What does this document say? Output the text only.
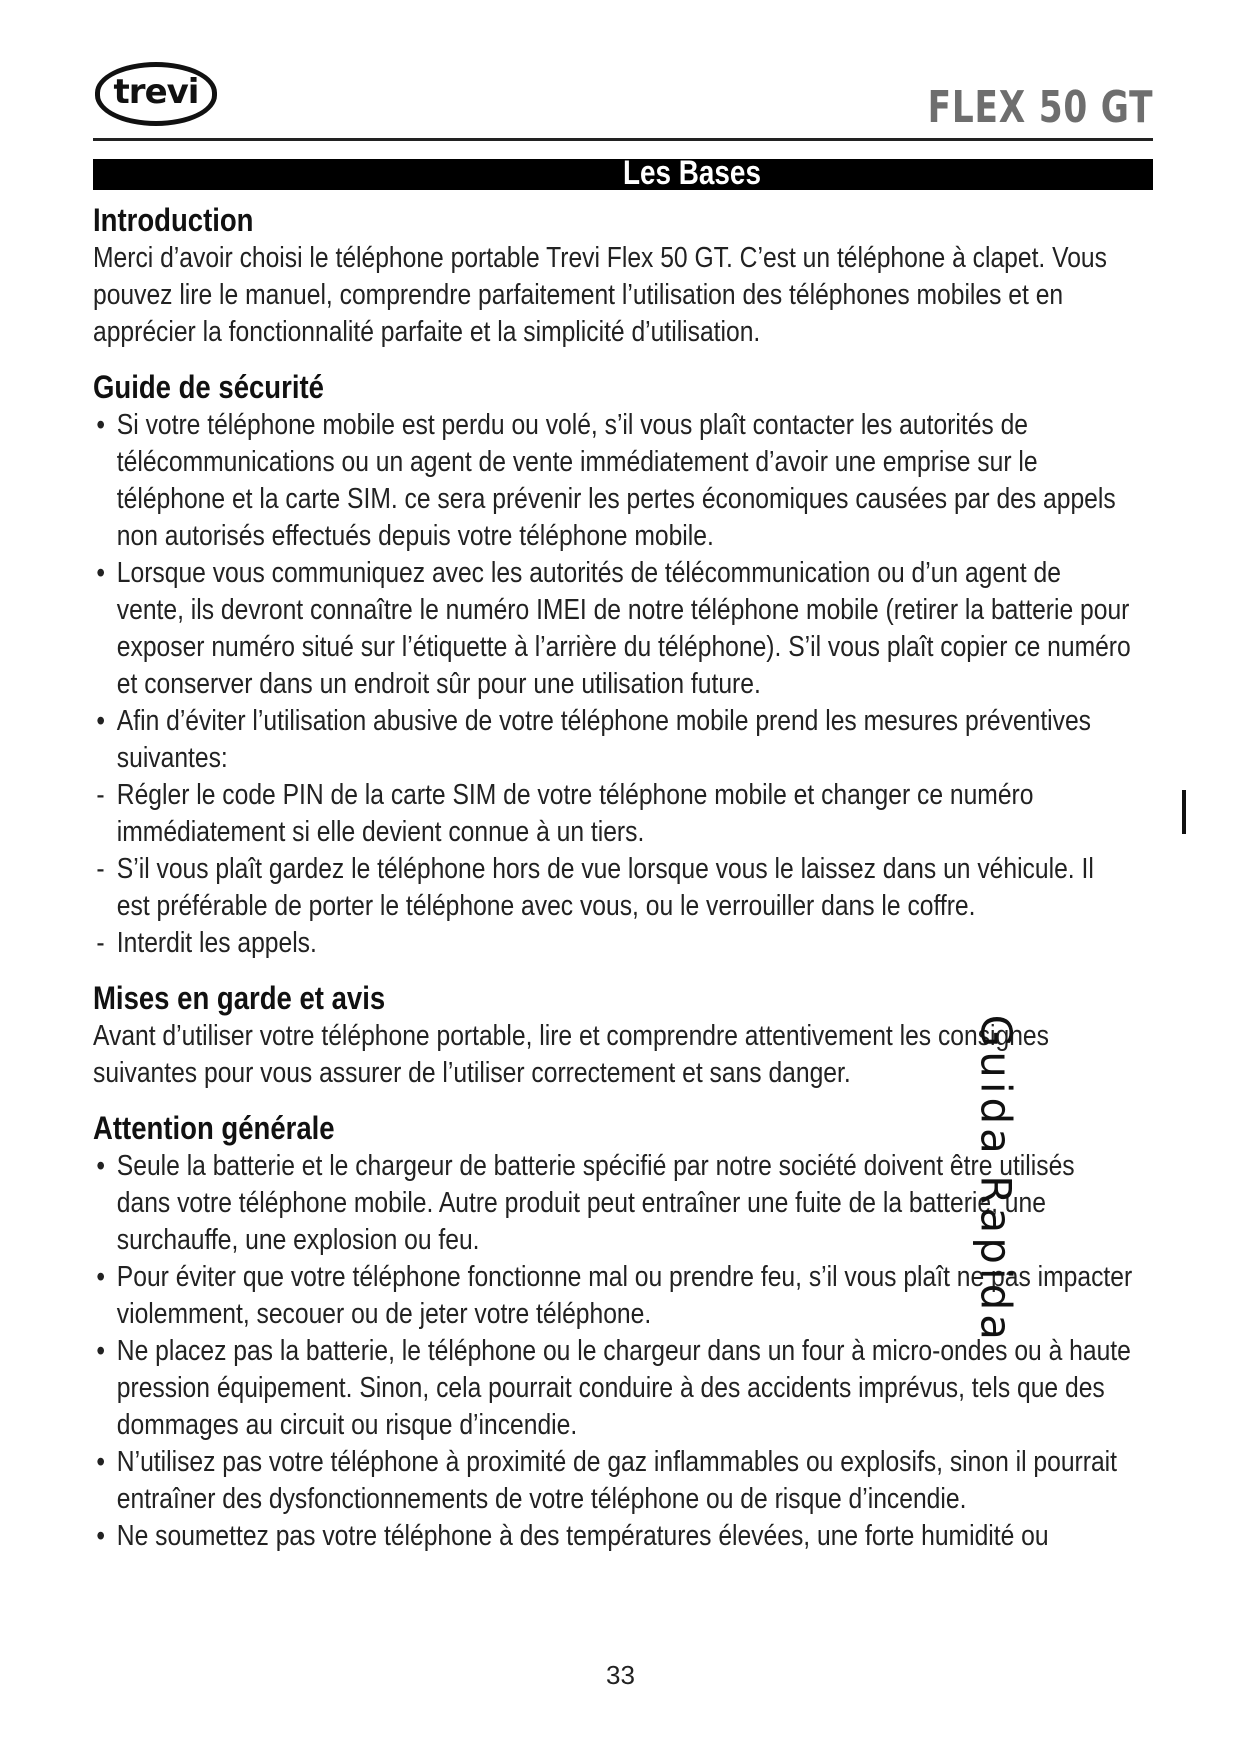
trevi	FLEX 50 GT
Les Bases
Introduction

Merci d’avoir choisi le téléphone portable Trevi Flex 50 GT. C’est un téléphone à clapet. Vous pouvez lire le manuel, comprendre parfaitement l’utilisation des téléphones mobiles et en apprécier la fonctionnalité parfaite et la simplicité d’utilisation.

Guide de sécurité
• Si votre téléphone mobile est perdu ou volé, s’il vous plaît contacter les autorités de télécommunications ou un agent de vente immédiatement d’avoir une emprise sur le téléphone et la carte SIM. ce sera prévenir les pertes économiques causées par des appels non autorisés effectués depuis votre téléphone mobile.
• Lorsque vous communiquez avec les autorités de télécommunication ou d’un agent de vente, ils devront connaître le numéro IMEI de notre téléphone mobile (retirer la batterie pour exposer numéro situé sur l’étiquette à l’arrière du téléphone). S’il vous plaît copier ce numéro et conserver dans un endroit sûr pour une utilisation future.
• Afin d’éviter l’utilisation abusive de votre téléphone mobile prend les mesures préventives suivantes:
- Régler le code PIN de la carte SIM de votre téléphone mobile et changer ce numéro immédiatement si elle devient connue à un tiers.
- S’il vous plaît gardez le téléphone hors de vue lorsque vous le laissez dans un véhicule. Il est préférable de porter le téléphone avec vous, ou le verrouiller dans le coffre.
- Interdit les appels.
Mises en garde et avis

Avant d’utiliser votre téléphone portable, lire et comprendre attentivement les consignes suivantes pour vous assurer de l’utiliser correctement et sans danger.

Attention générale
• Seule la batterie et le chargeur de batterie spécifié par notre société doivent être utilisés dans votre téléphone mobile. Autre produit peut entraîner une fuite de la batterie, une surchauffe, une explosion ou feu.
• Pour éviter que votre téléphone fonctionne mal ou prendre feu, s’il vous plaît ne pas impacter violemment, secouer ou de jeter votre téléphone.
• Ne placez pas la batterie, le téléphone ou le chargeur dans un four à micro-ondes ou à haute pression équipement. Sinon, cela pourrait conduire à des accidents imprévus, tels que des dommages au circuit ou risque d’incendie.
• N’utilisez pas votre téléphone à proximité de gaz inflammables ou explosifs, sinon il pourrait entraîner des dysfonctionnements de votre téléphone ou de risque d’incendie.
• Ne soumettez pas votre téléphone à des températures élevées, une forte humidité ou
Guida Rapida
33
